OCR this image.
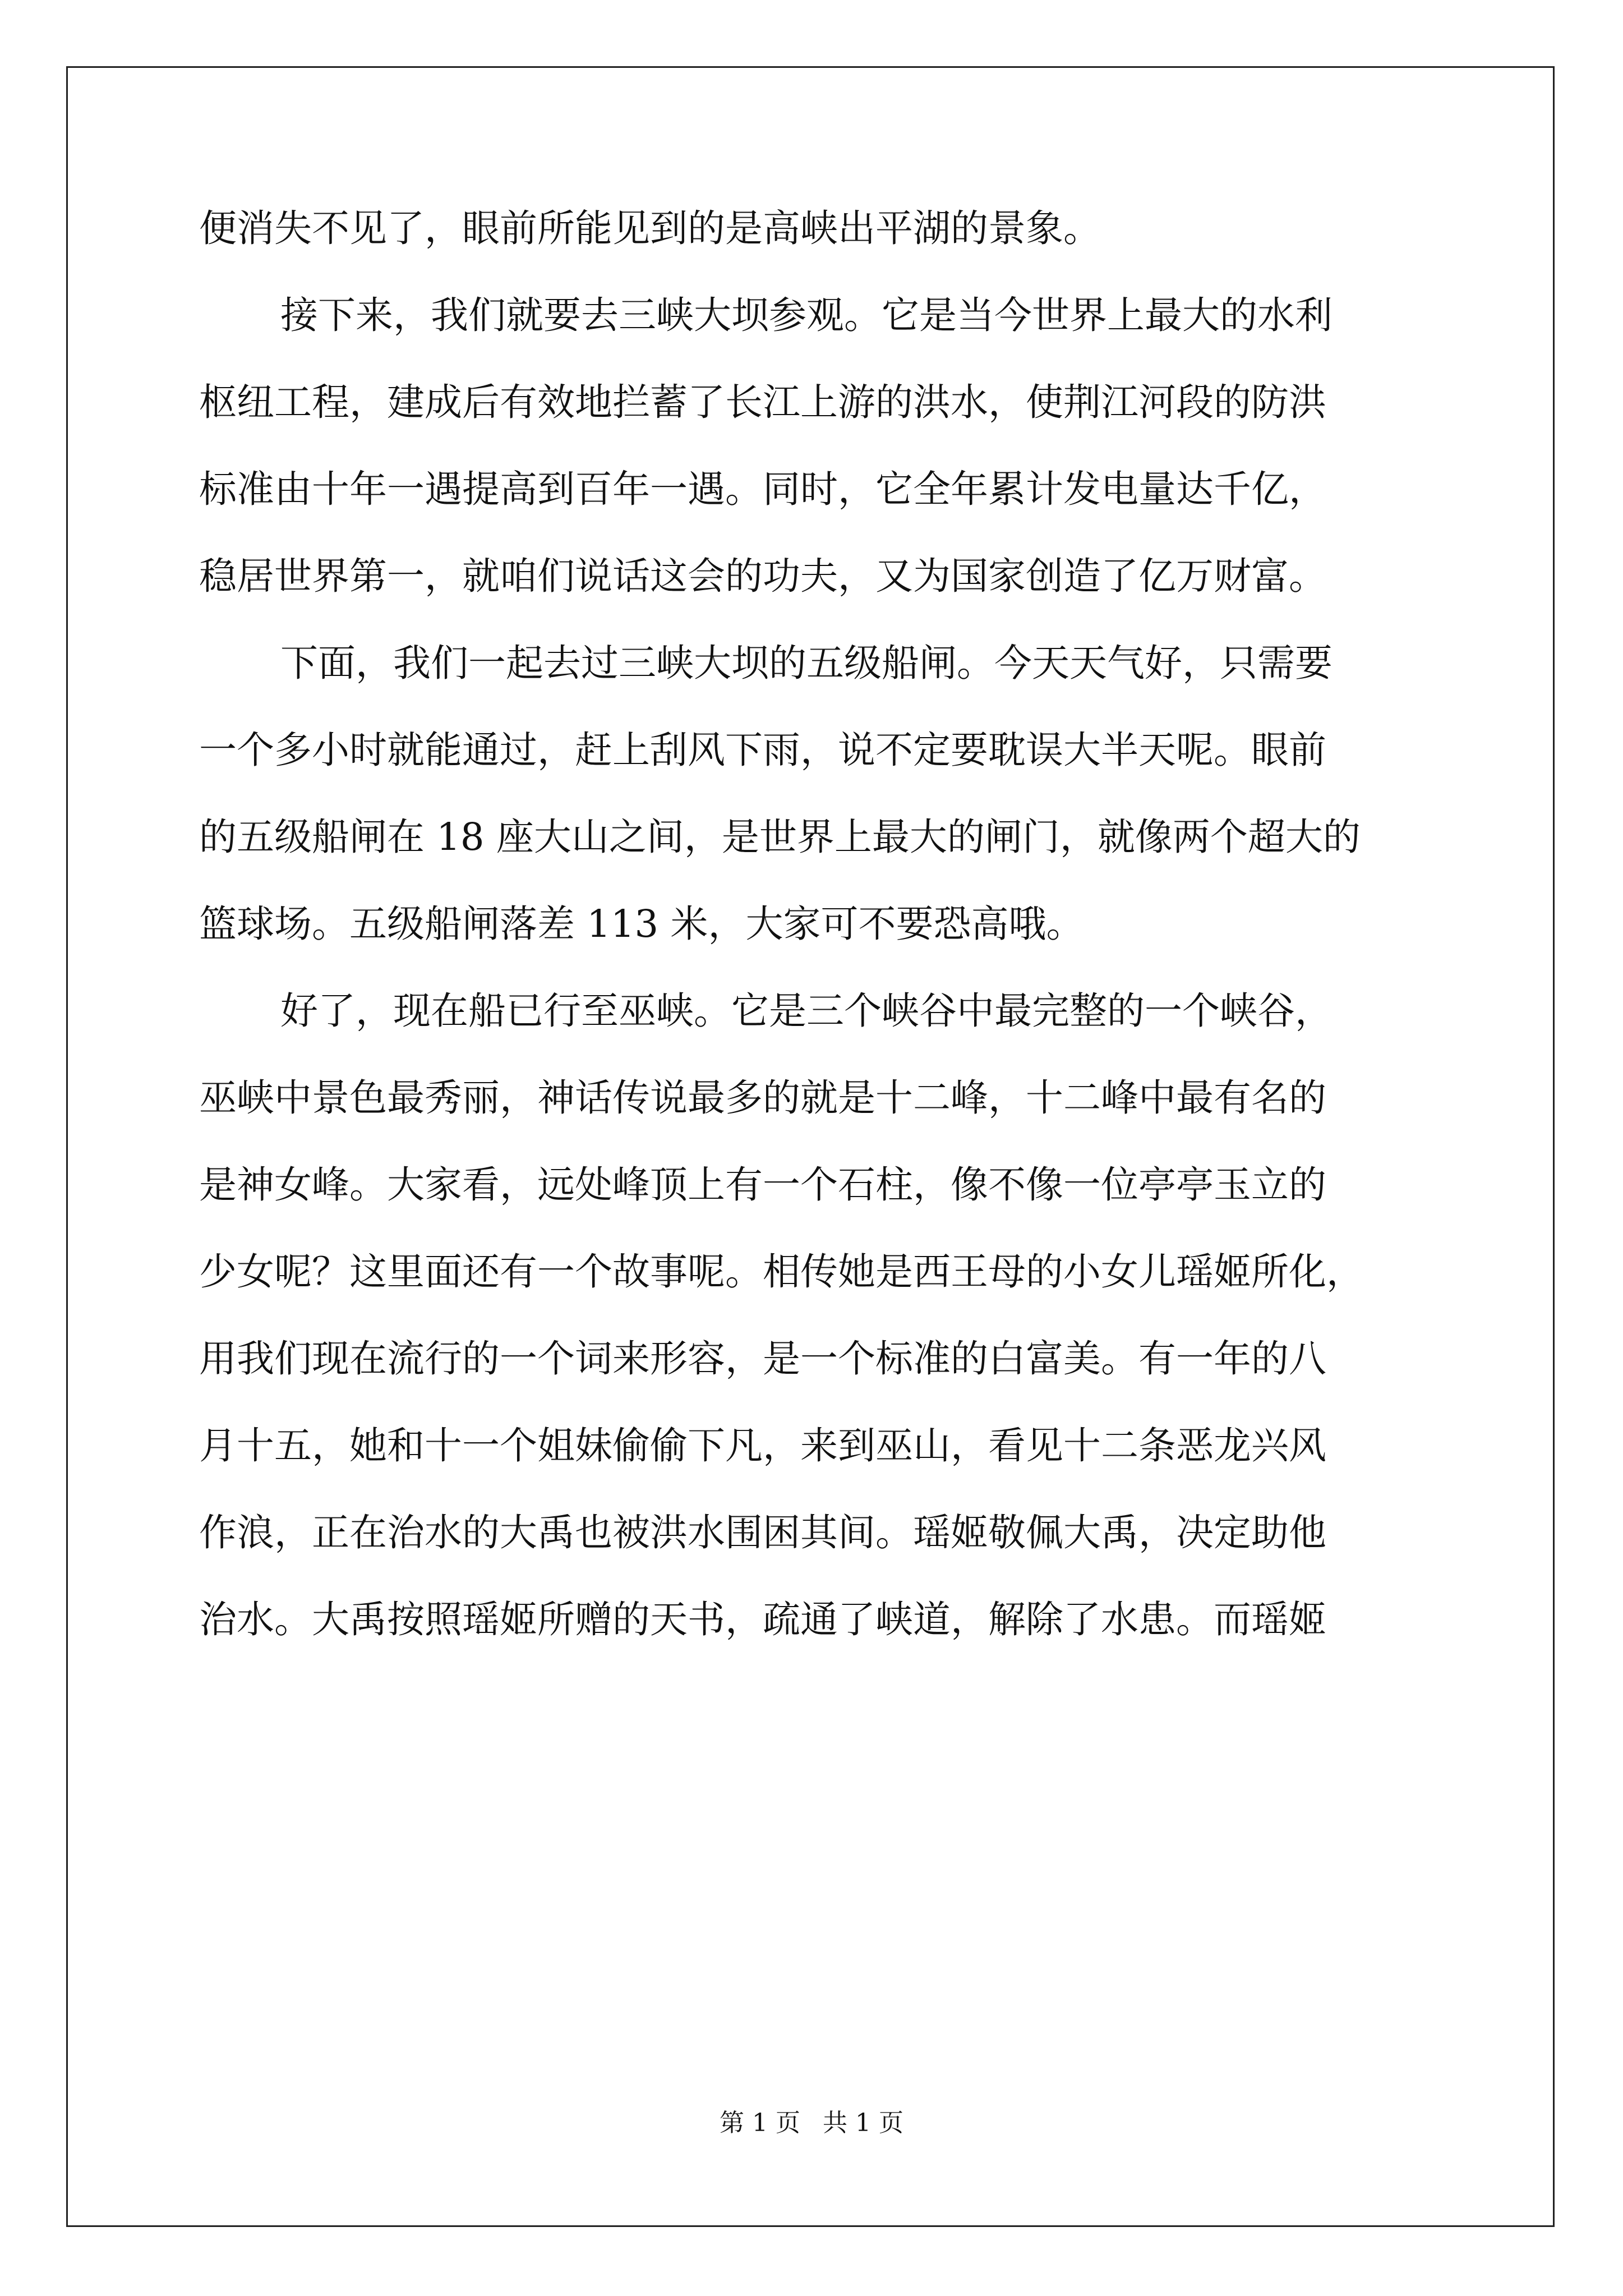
便消失不见了，眼前所能见到的是高峡出平湖的景象。
接下来，我们就要去三峡大坝参观。它是当今世界上最大的水利
枢纽工程，建成后有效地拦蓄了长江上游的洪水，使荆江河段的防洪
标准由十年一遇提高到百年一遇。同时，它全年累计发电量达千亿，
稳居世界第一，就咱们说话这会的功夫，又为国家创造了亿万财富。
下面，我们一起去过三峡大坝的五级船闸。今天天气好，只需要
一个多小时就能通过，赶上刮风下雨，说不定要耽误大半天呢。眼前
的五级船闸在 18 座大山之间，是世界上最大的闸门，就像两个超大的
篮球场。五级船闸落差 113 米，大家可不要恐高哦。
好了，现在船已行至巫峡。它是三个峡谷中最完整的一个峡谷，
巫峡中景色最秀丽，神话传说最多的就是十二峰，十二峰中最有名的
是神女峰。大家看，远处峰顶上有一个石柱，像不像一位亭亭玉立的
少女呢？这里面还有一个故事呢。相传她是西王母的小女儿瑶姬所化，
用我们现在流行的一个词来形容，是一个标准的白富美。有一年的八
月十五，她和十一个姐妹偷偷下凡，来到巫山，看见十二条恶龙兴风
作浪，正在治水的大禹也被洪水围困其间。瑶姬敬佩大禹，决定助他
治水。大禹按照瑶姬所赠的天书，疏通了峡道，解除了水患。而瑶姬
第 1 页 共 1 页
